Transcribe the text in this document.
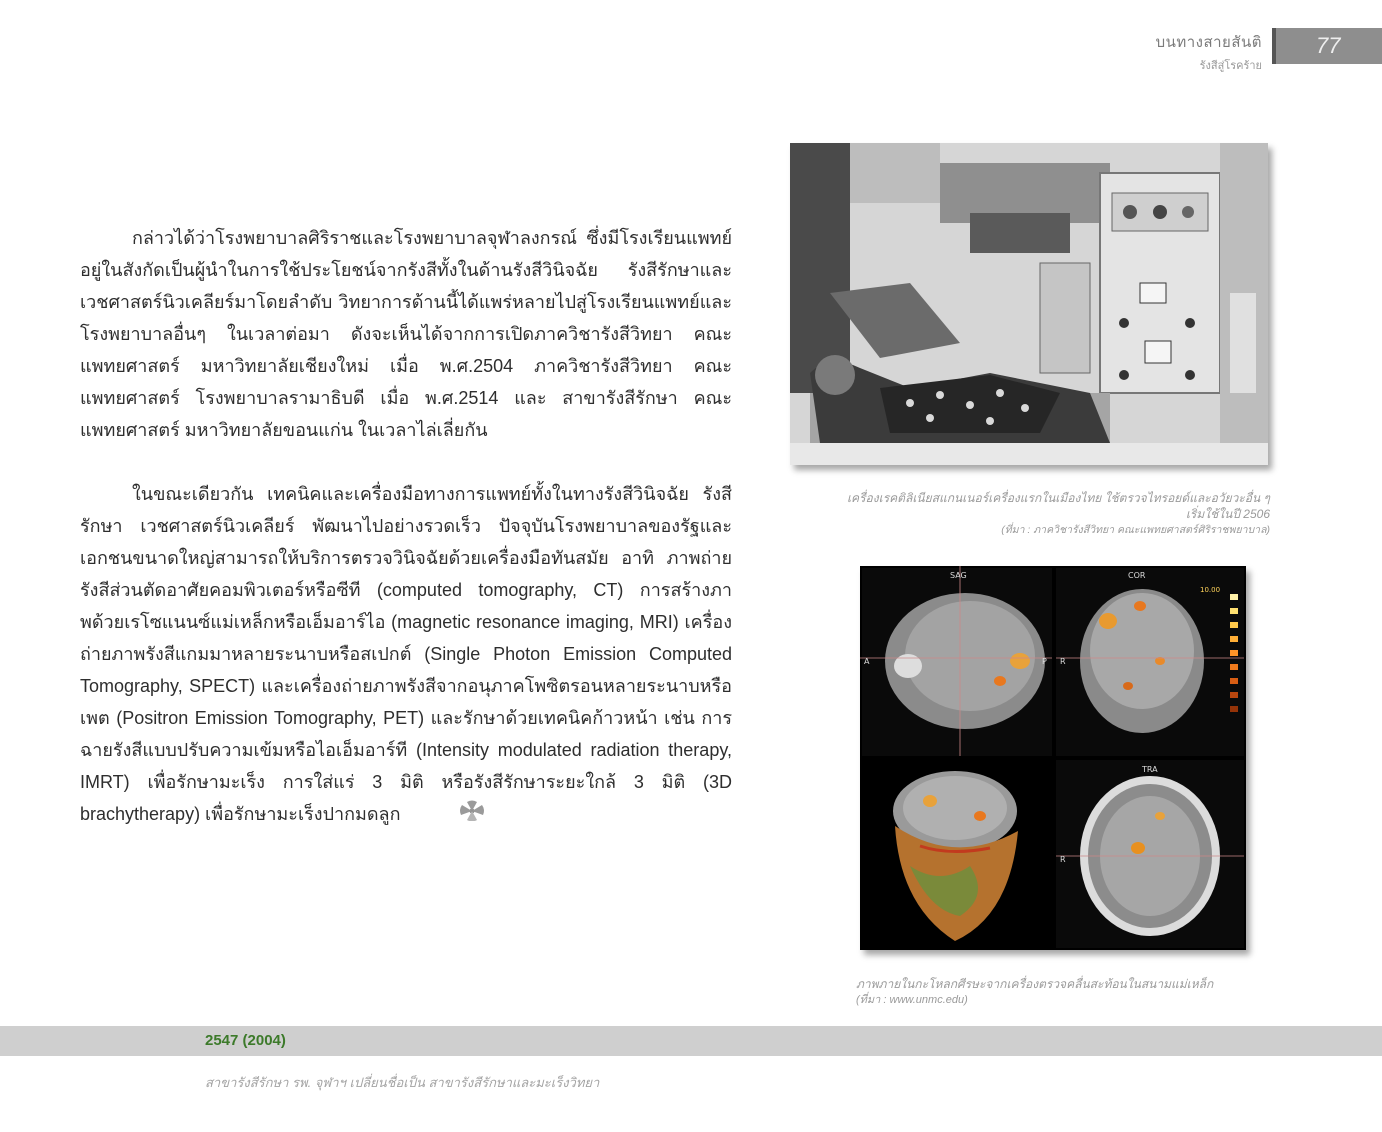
บนทางสายสันติ
รังสีสู่โรคร้าย
77

กล่าวได้ว่าโรงพยาบาลศิริราชและโรงพยาบาลจุฬาลงกรณ์ ซึ่งมีโรงเรียนแพทย์อยู่ในสังกัดเป็นผู้นำในการใช้ประโยชน์จากรังสีทั้งในด้านรังสีวินิจฉัย รังสีรักษาและเวชศาสตร์นิวเคลียร์มาโดยลำดับ วิทยาการด้านนี้ได้แพร่หลายไปสู่โรงเรียนแพทย์และโรงพยาบาลอื่นๆ ในเวลาต่อมา ดังจะเห็นได้จากการเปิดภาควิชารังสีวิทยา คณะแพทยศาสตร์ มหาวิทยาลัยเชียงใหม่ เมื่อ พ.ศ.2504 ภาควิชารังสีวิทยา คณะแพทยศาสตร์ โรงพยาบาลรามาธิบดี เมื่อ พ.ศ.2514 และ สาขารังสีรักษา คณะแพทยศาสตร์ มหาวิทยาลัยขอนแก่น ในเวลาไล่เลี่ยกัน

ในขณะเดียวกัน เทคนิคและเครื่องมือทางการแพทย์ทั้งในทางรังสีวินิจฉัย รังสีรักษา เวชศาสตร์นิวเคลียร์ พัฒนาไปอย่างรวดเร็ว ปัจจุบันโรงพยาบาลของรัฐและเอกชนขนาดใหญ่สามารถให้บริการตรวจวินิจฉัยด้วยเครื่องมือทันสมัย อาทิ ภาพถ่ายรังสีส่วนตัดอาศัยคอมพิวเตอร์หรือซีที (computed tomography, CT) การสร้างภาพด้วยเรโซแนนซ์แม่เหล็กหรือเอ็มอาร์ไอ (magnetic resonance imaging, MRI) เครื่องถ่ายภาพรังสีแกมมาหลายระนาบหรือสเปกต์ (Single Photon Emission Computed Tomography, SPECT) และเครื่องถ่ายภาพรังสีจากอนุภาคโพซิตรอนหลายระนาบหรือเพต (Positron Emission Tomography, PET) และรักษาด้วยเทคนิคก้าวหน้า เช่น การฉายรังสีแบบปรับความเข้มหรือไอเอ็มอาร์ที (Intensity modulated radiation therapy, IMRT) เพื่อรักษามะเร็ง การใส่แร่ 3 มิติ หรือรังสีรักษาระยะใกล้ 3 มิติ (3D brachytherapy) เพื่อรักษามะเร็งปากมดลูก

เครื่องเรคติลิเนียสแกนเนอร์เครื่องแรกในเมืองไทย ใช้ตรวจไทรอยด์และอวัยวะอื่น ๆ
เริ่มใช้ในปี 2506
(ที่มา : ภาควิชารังสีวิทยา คณะแพทยศาสตร์ศิริราชพยาบาล)
SAG
A	P
COR
R
10.00
TRA
R
ภาพภายในกะโหลกศีรษะจากเครื่องตรวจคลื่นสะท้อนในสนามแม่เหล็ก
(ที่มา : www.unmc.edu)
2547 (2004)
สาขารังสีรักษา รพ. จุฬาฯ เปลี่ยนชื่อเป็น สาขารังสีรักษาและมะเร็งวิทยา
